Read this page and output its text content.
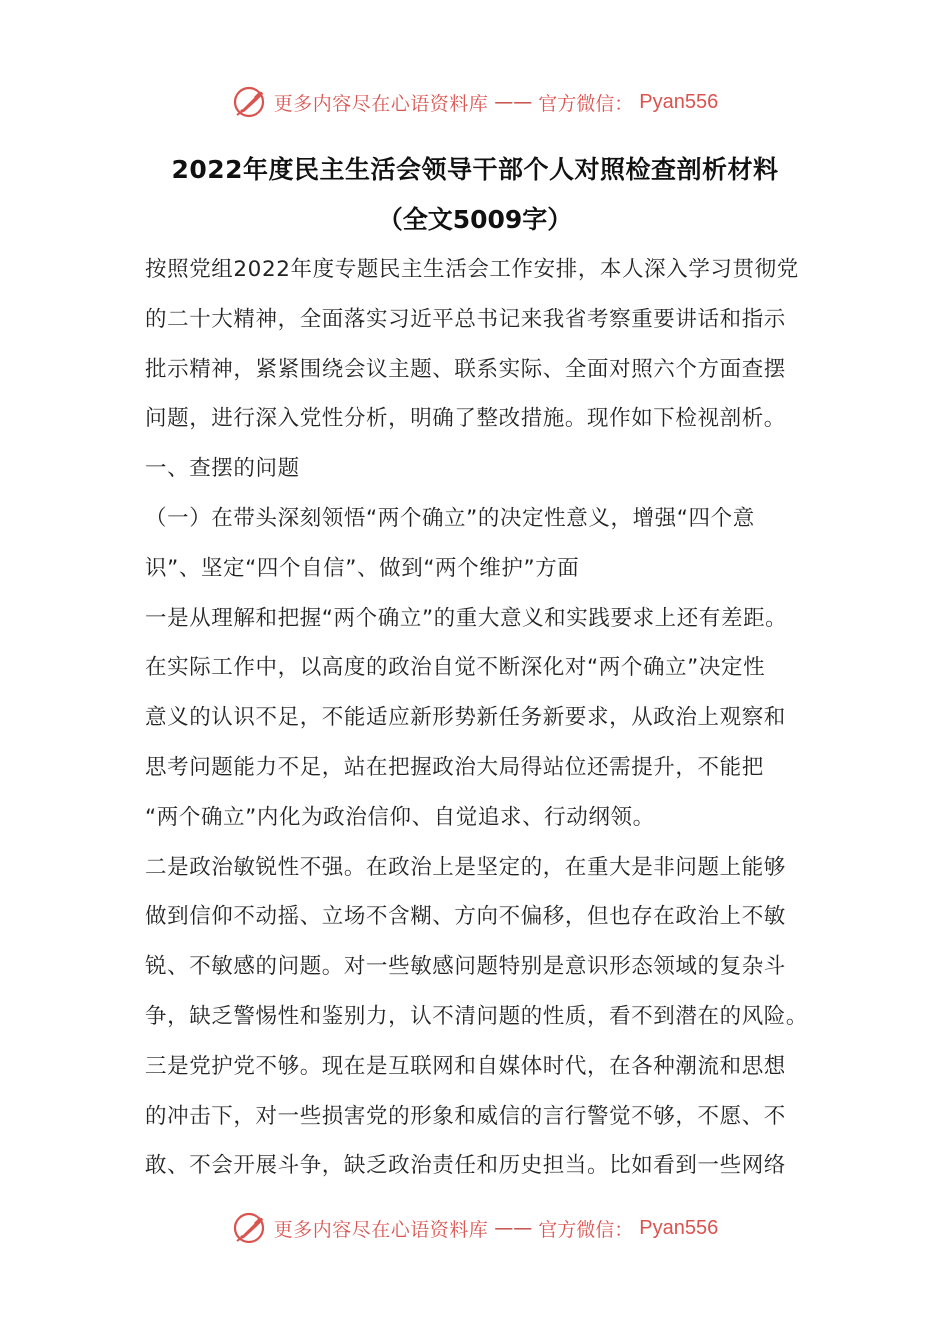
更多内容尽在心语资料库 —— 官方微信： Pyan556
2022年度民主生活会领导干部个人对照检查剖析材料
（全文5009字）
按照党组2022年度专题民主生活会工作安排，本人深入学习贯彻党
的二十大精神，全面落实习近平总书记来我省考察重要讲话和指示
批示精神，紧紧围绕会议主题、联系实际、全面对照六个方面查摆
问题，进行深入党性分析，明确了整改措施。现作如下检视剖析。
一、查摆的问题
（一）在带头深刻领悟“两个确立”的决定性意义，增强“四个意
识”、坚定“四个自信”、做到“两个维护”方面
一是从理解和把握“两个确立”的重大意义和实践要求上还有差距。
在实际工作中，以高度的政治自觉不断深化对“两个确立”决定性
意义的认识不足，不能适应新形势新任务新要求，从政治上观察和
思考问题能力不足，站在把握政治大局得站位还需提升，不能把
“两个确立”内化为政治信仰、自觉追求、行动纲领。
二是政治敏锐性不强。在政治上是坚定的，在重大是非问题上能够
做到信仰不动摇、立场不含糊、方向不偏移，但也存在政治上不敏
锐、不敏感的问题。对一些敏感问题特别是意识形态领域的复杂斗
争，缺乏警惕性和鉴别力，认不清问题的性质，看不到潜在的风险。
三是党护党不够。现在是互联网和自媒体时代，在各种潮流和思想
的冲击下，对一些损害党的形象和威信的言行警觉不够，不愿、不
敢、不会开展斗争，缺乏政治责任和历史担当。比如看到一些网络
更多内容尽在心语资料库 —— 官方微信： Pyan556
